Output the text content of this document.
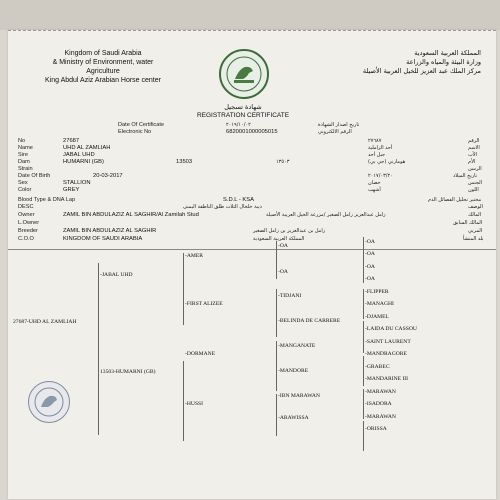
Kingdom of Saudi Arabia
& Ministry of Environment, water
Agriculture
King Abdul Aziz Arabian Horse center
المملكة العربية السعودية
وزارة البيئة والمياه والزراعة
مركز الملك عبد العزيز للخيل العربية الأصيلة
شهادة تسجيل
REGISTRATION CERTIFICATE
Date Of Certificate	٢٠١٩/١٠/٠٢	تاريخ اصدار الشهادة
Electronic No	6820001000005015	الرقم الالكتروني
No	27687	٢٧٦٨٧	الرقم
Name	UHD AL ZAMLIAH	أحد الزاملية	الاسم
Sire	JABAL UHD	جبل أحد	الأب
Dam	HUMARNI (GB)	13503	١٣٥٠٣	هومارني (جي بي)	الأم
Strain	الرسن
Date Of Birth	20-03-2017	٢٠١٧/٠٣/٢٠	تاريخ الميلاد
Sex	STALLION	حصان	الجنس
Color	GREY	أشهب	اللون
Blood Type & DNA Lap	S.D.L - KSA	مختبر تحليل الفصائل الدم
DESC	ذيبة خلخال الثلاث طلق الناطقة اليمنى	الوصف
Owner	ZAMIL BIN ABDULAZIZ AL SAGHIR/Al Zamilah Stud	زامل عبدالعزيز زامل الصغير /مزرعة الخيل العربية الأصيلة	المالك
L.Owner	المالك السابق
Breeder	ZAMIL BIN ABDULAZIZ AL SAGHIR	زامل بن عبدالعزيز بن زامل الصغير	المربي
C.O.O	KINGDOM OF SAUDI ARABIA	المملكة العربية السعودية	بلد المنشأ
27687-UHD AL ZAMLIAH
-JABAL UHD
13503-HUMARNI (GB)
-AMER
-FIRST ALIZEE
-DORMANE
-HUSSI
-OA
-OA
-TIDJANI
-BELINDA DE CARRERE
-MANGANATE
-MANDORE
-IBN MARAWAN
-ARAWISSA
-OA
-OA
-OA
-OA
-FLIPPER
-MANAGHI
-DJAMEL
-LAIDA DU CASSOU
-SAINT LAURENT
-MANDRAGORE
-GRABEC
-MANDARINE III
-MARAWAN
-ISADORA
-MARAWAN
-ORISSA
